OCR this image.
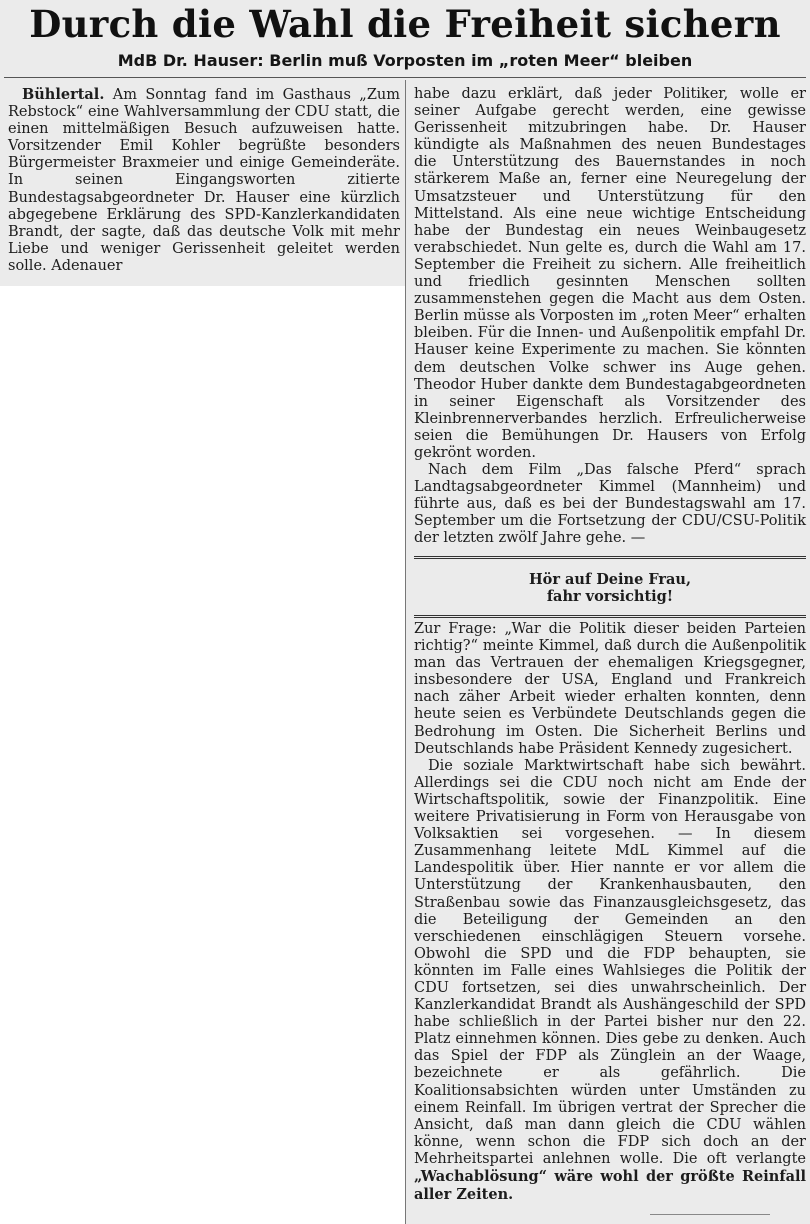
Durch die Wahl die Freiheit sichern
MdB Dr. Hauser: Berlin muß Vorposten im „roten Meer“ bleiben

Bühlertal. Am Sonntag fand im Gasthaus „Zum Rebstock“ eine Wahlversammlung der CDU statt, die einen mittelmäßigen Besuch aufzuweisen hatte. Vorsitzender Emil Kohler begrüßte besonders Bürgermeister Braxmeier und einige Gemeinderäte. In seinen Eingangsworten zitierte Bundestagsabgeordneter Dr. Hauser eine kürzlich abgegebene Erklärung des SPD-Kanzlerkandidaten Brandt, der sagte, daß das deutsche Volk mit mehr Liebe und weniger Gerissenheit geleitet werden solle. Adenauer

habe dazu erklärt, daß jeder Politiker, wolle er seiner Aufgabe gerecht werden, eine gewisse Gerissenheit mitzubringen habe. Dr. Hauser kündigte als Maßnahmen des neuen Bundestages die Unterstützung des Bauernstandes in noch stärkerem Maße an, ferner eine Neuregelung der Umsatzsteuer und Unterstützung für den Mittelstand. Als eine neue wichtige Entscheidung habe der Bundestag ein neues Weinbaugesetz verabschiedet. Nun gelte es, durch die Wahl am 17. September die Freiheit zu sichern. Alle freiheitlich und friedlich gesinnten Menschen sollten zusammenstehen gegen die Macht aus dem Osten. Berlin müsse als Vorposten im „roten Meer“ erhalten bleiben. Für die Innen- und Außenpolitik empfahl Dr. Hauser keine Experimente zu machen. Sie könnten dem deutschen Volke schwer ins Auge gehen. Theodor Huber dankte dem Bundestagabgeordneten in seiner Eigenschaft als Vorsitzender des Kleinbrennerverbandes herzlich. Erfreulicherweise seien die Bemühungen Dr. Hausers von Erfolg gekrönt worden.

Nach dem Film „Das falsche Pferd“ sprach Landtagsabgeordneter Kimmel (Mannheim) und führte aus, daß es bei der Bundestagswahl am 17. September um die Fortsetzung der CDU/CSU-Politik der letzten zwölf Jahre gehe. —

Hör auf Deine Frau,
fahr vorsichtig!

Zur Frage: „War die Politik dieser beiden Parteien richtig?“ meinte Kimmel, daß durch die Außenpolitik man das Vertrauen der ehemaligen Kriegsgegner, insbesondere der USA, England und Frankreich nach zäher Arbeit wieder erhalten konnten, denn heute seien es Verbündete Deutschlands gegen die Bedrohung im Osten. Die Sicherheit Berlins und Deutschlands habe Präsident Kennedy zugesichert.

Die soziale Marktwirtschaft habe sich bewährt. Allerdings sei die CDU noch nicht am Ende der Wirtschaftspolitik, sowie der Finanzpolitik. Eine weitere Privatisierung in Form von Herausgabe von Volksaktien sei vorgesehen. — In diesem Zusammenhang leitete MdL Kimmel auf die Landespolitik über. Hier nannte er vor allem die Unterstützung der Krankenhausbauten, den Straßenbau sowie das Finanzausgleichsgesetz, das die Beteiligung der Gemeinden an den verschiedenen einschlägigen Steuern vorsehe. Obwohl die SPD und die FDP behaupten, sie könnten im Falle eines Wahlsieges die Politik der CDU fortsetzen, sei dies unwahrscheinlich. Der Kanzlerkandidat Brandt als Aushängeschild der SPD habe schließlich in der Partei bisher nur den 22. Platz einnehmen können. Dies gebe zu denken. Auch das Spiel der FDP als Zünglein an der Waage, bezeichnete er als gefährlich. Die Koalitionsabsichten würden unter Umständen zu einem Reinfall. Im übrigen vertrat der Sprecher die Ansicht, daß man dann gleich die CDU wählen könne, wenn schon die FDP sich doch an der Mehrheitspartei anlehnen wolle. Die oft verlangte „Wachablösung“ wäre wohl der größte Reinfall aller Zeiten.
